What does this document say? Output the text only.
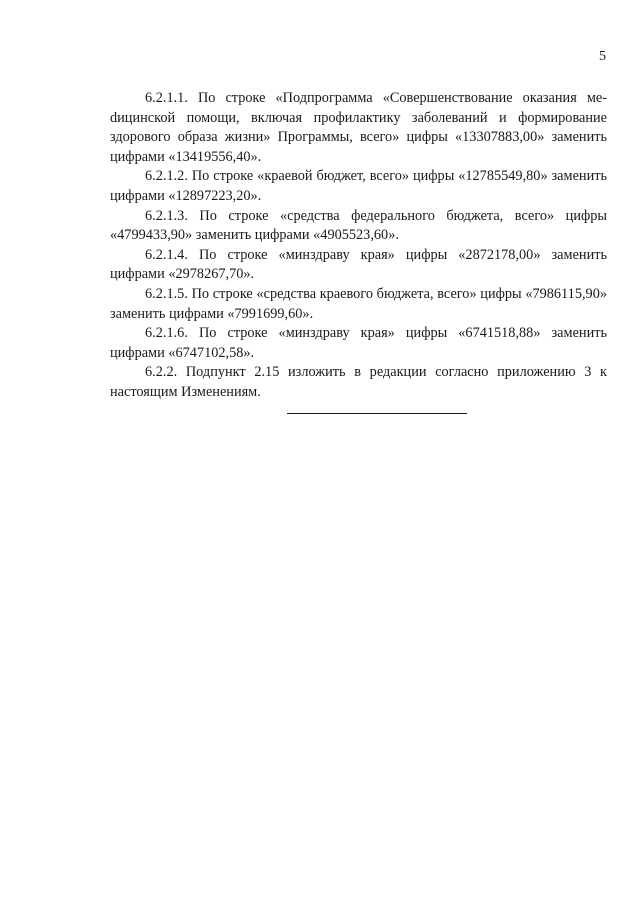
5

6.2.1.1. По строке «Подпрограмма «Совершенствование оказания меdицинской помощи, включая профилактику заболеваний и формирование здорового образа жизни» Программы, всего» цифры «13307883,00» заменить цифрами «13419556,40».

6.2.1.2. По строке «краевой бюджет, всего» цифры «12785549,80» заменить цифрами «12897223,20».

6.2.1.3. По строке «средства федерального бюджета, всего» цифры «4799433,90» заменить цифрами «4905523,60».

6.2.1.4. По строке «минздраву края» цифры «2872178,00» заменить цифрами «2978267,70».

6.2.1.5. По строке «средства краевого бюджета, всего» цифры «7986115,90» заменить цифрами «7991699,60».

6.2.1.6. По строке «минздраву края» цифры «6741518,88» заменить цифрами «6747102,58».

6.2.2. Подпункт 2.15 изложить в редакции согласно приложению 3 к настоящим Изменениям.
